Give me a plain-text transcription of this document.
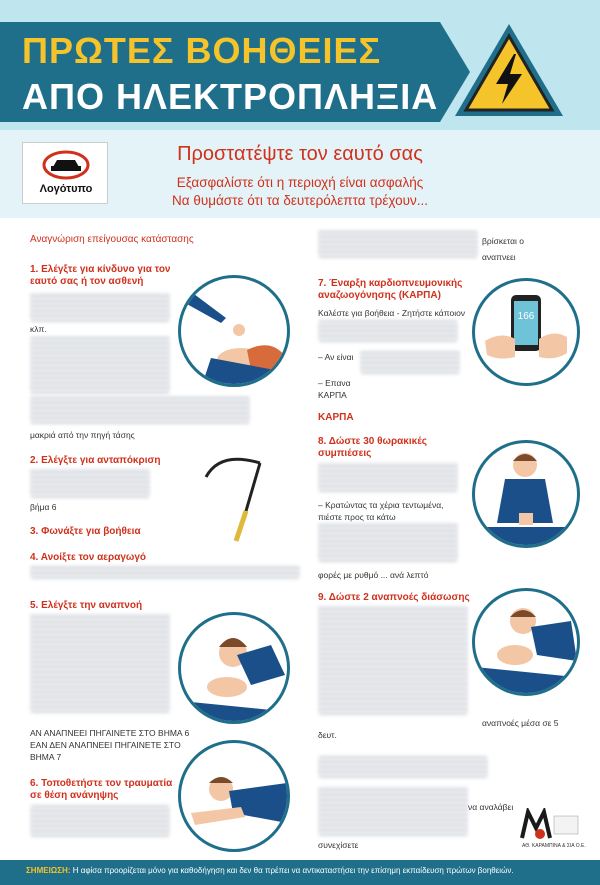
ΠΡΩΤΕΣ ΒΟΗΘΕΙΕΣ
ΑΠΟ ΗΛΕΚΤΡΟΠΛΗΞΙΑ
Λογότυπο
Προστατέψτε τον εαυτό σας
Εξασφαλίστε ότι η περιοχή είναι ασφαλής
Να θυμάστε ότι τα δευτερόλεπτα τρέχουν...
Αναγνώριση επείγουσας κατάστασης
1. Ελέγξτε για κίνδυνο για τον εαυτό σας ή τον ασθενή
κλπ.
μακριά από την πηγή τάσης
2. Ελέγξτε για ανταπόκριση
βήμα 6
3. Φωνάξτε για βοήθεια
4. Ανοίξτε τον αεραγωγό
5. Ελέγξτε την αναπνοή
ΑΝ ΑΝΑΠΝΕΕΙ ΠΗΓΑΙΝΕΤΕ ΣΤΟ ΒΗΜΑ 6
ΕΑΝ ΔΕΝ ΑΝΑΠΝΕΕΙ ΠΗΓΑΙΝΕΤΕ ΣΤΟ
ΒΗΜΑ 7
6. Τοποθετήστε τον τραυματία σε θέση ανάνηψης
βρίσκεται ο
αναπνεει
7. Έναρξη καρδιοπνευμονικής αναζωογόνησης (ΚΑΡΠΑ)
Καλέστε για βοήθεια - Ζητήστε κάποιον
– Αν είναι
– Επανα
ΚΑΡΠΑ
166
ΚΑΡΠΑ
8. Δώστε 30 θωρακικές συμπιέσεις
– Κρατώντας τα χέρια τεντωμένα,
πιέστε προς τα κάτω
φορές με ρυθμό ... ανά λεπτό
9. Δώστε 2 αναπνοές διάσωσης
αναπνοές μέσα σε 5
δευτ.
να αναλάβει
συνεχίσετε	ΑΘ. ΚΑΡΑΜΠΙΝΑ & ΣΙΑ Ο.Ε.
ΣΗΜΕΙΩΣΗ: Η αφίσα προορίζεται μόνο για καθοδήγηση και δεν θα πρέπει να αντικαταστήσει την επίσημη εκπαίδευση πρώτων βοηθειών.
